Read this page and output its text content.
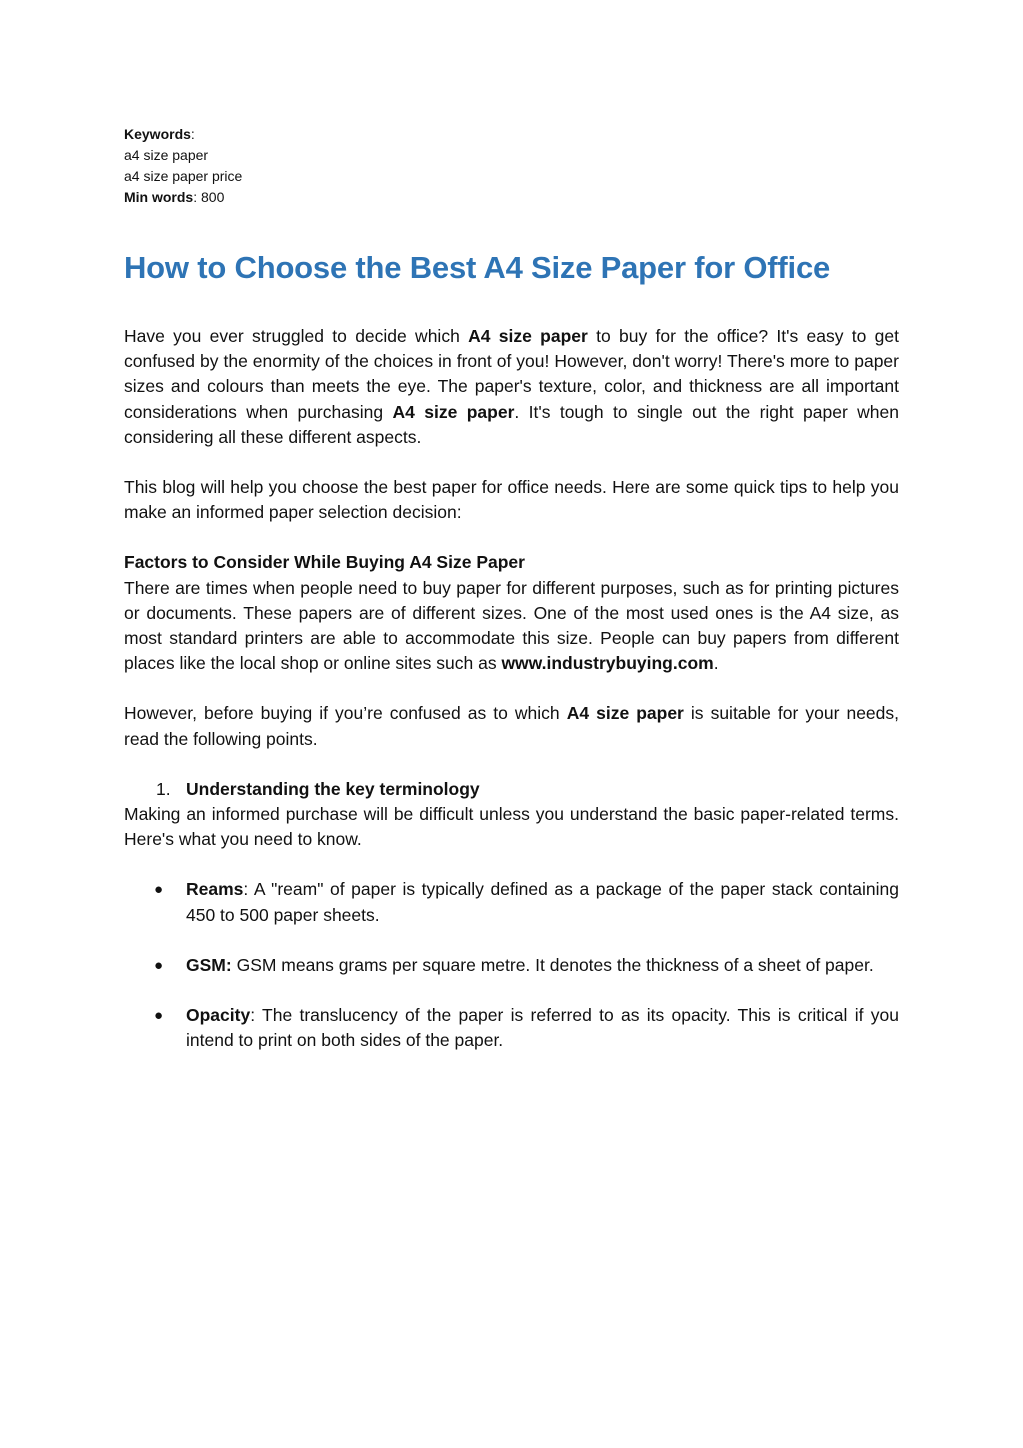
Keywords:
a4 size paper
a4 size paper price
Min words: 800
How to Choose the Best A4 Size Paper for Office

Have you ever struggled to decide which A4 size paper to buy for the office? It's easy to get confused by the enormity of the choices in front of you! However, don't worry! There's more to paper sizes and colours than meets the eye. The paper's texture, color, and thickness are all important considerations when purchasing A4 size paper. It's tough to single out the right paper when considering all these different aspects.

This blog will help you choose the best paper for office needs. Here are some quick tips to help you make an informed paper selection decision:

Factors to Consider While Buying A4 Size Paper

There are times when people need to buy paper for different purposes, such as for printing pictures or documents. These papers are of different sizes. One of the most used ones is the A4 size, as most standard printers are able to accommodate this size. People can buy papers from different places like the local shop or online sites such as www.industrybuying.com.

However, before buying if you’re confused as to which A4 size paper is suitable for your needs, read the following points.

1. Understanding the key terminology

Making an informed purchase will be difficult unless you understand the basic paper-related terms. Here's what you need to know.

● Reams: A "ream" of paper is typically defined as a package of the paper stack containing 450 to 500 paper sheets.
● GSM: GSM means grams per square metre. It denotes the thickness of a sheet of paper.
● Opacity: The translucency of the paper is referred to as its opacity. This is critical if you intend to print on both sides of the paper.
